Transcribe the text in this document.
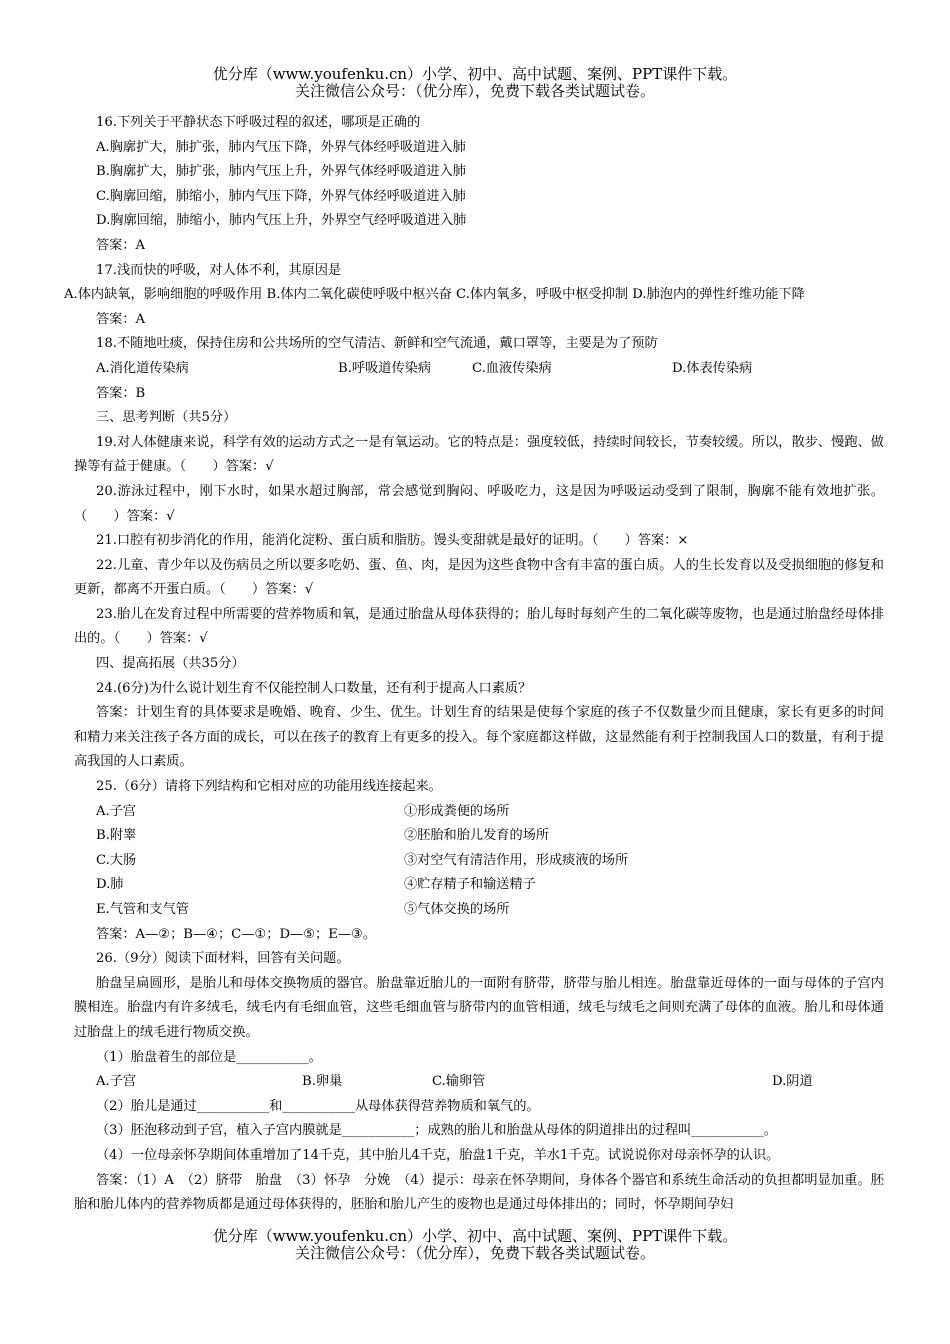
优分库（www.youfenku.cn）小学、初中、高中试题、案例、PPT课件下载。
关注微信公众号：（优分库），免费下载各类试题试卷。
16.下列关于平静状态下呼吸过程的叙述，哪项是正确的
A.胸廓扩大，肺扩张，肺内气压下降，外界气体经呼吸道进入肺
B.胸廓扩大，肺扩张，肺内气压上升，外界气体经呼吸道进入肺
C.胸廓回缩，肺缩小，肺内气压下降，外界气体经呼吸道进入肺
D.胸廓回缩，肺缩小，肺内气压上升，外界空气经呼吸道进入肺
答案：A
17.浅而快的呼吸，对人体不利，其原因是
A.体内缺氧，影响细胞的呼吸作用 B.体内二氧化碳使呼吸中枢兴奋 C.体内氧多，呼吸中枢受抑制 D.肺泡内的弹性纤维功能下降
答案：A
18.不随地吐痰，保持住房和公共场所的空气清洁、新鲜和空气流通，戴口罩等，主要是为了预防
A.消化道传染病	B.呼吸道传染病	C.血液传染病	D.体表传染病
答案：B
三、思考判断（共5分）
19.对人体健康来说，科学有效的运动方式之一是有氧运动。它的特点是：强度较低，持续时间较长，节奏较缓。所以，散步、慢跑、做操等有益于健康。（　　）答案：√
20.游泳过程中，刚下水时，如果水超过胸部，常会感觉到胸闷、呼吸吃力，这是因为呼吸运动受到了限制，胸廓不能有效地扩张。（　　）答案：√
21.口腔有初步消化的作用，能消化淀粉、蛋白质和脂肪。馒头变甜就是最好的证明。（　　）答案：×
22.儿童、青少年以及伤病员之所以要多吃奶、蛋、鱼、肉，是因为这些食物中含有丰富的蛋白质。人的生长发育以及受损细胞的修复和更新，都离不开蛋白质。（　　）答案：√
23.胎儿在发育过程中所需要的营养物质和氧，是通过胎盘从母体获得的；胎儿每时每刻产生的二氧化碳等废物，也是通过胎盘经母体排出的。（　　）答案：√
四、提高拓展（共35分）
24.(6分)为什么说计划生育不仅能控制人口数量，还有利于提高人口素质？
答案：计划生育的具体要求是晚婚、晚育、少生、优生。计划生育的结果是使每个家庭的孩子不仅数量少而且健康，家长有更多的时间和精力来关注孩子各方面的成长，可以在孩子的教育上有更多的投入。每个家庭都这样做，这显然能有利于控制我国人口的数量，有利于提高我国的人口素质。
25.（6分）请将下列结构和它相对应的功能用线连接起来。
A.子宫	①形成粪便的场所
B.附睾	②胚胎和胎儿发育的场所
C.大肠	③对空气有清洁作用，形成痰液的场所
D.肺	④贮存精子和输送精子
E.气管和支气管	⑤气体交换的场所
答案：A—②；B—④；C—①；D—⑤；E—③。
26.（9分）阅读下面材料，回答有关问题。
胎盘呈扁圆形，是胎儿和母体交换物质的器官。胎盘靠近胎儿的一面附有脐带，脐带与胎儿相连。胎盘靠近母体的一面与母体的子宫内膜相连。胎盘内有许多绒毛，绒毛内有毛细血管，这些毛细血管与脐带内的血管相通，绒毛与绒毛之间则充满了母体的血液。胎儿和母体通过胎盘上的绒毛进行物质交换。
（1）胎盘着生的部位是___________。
A.子宫	B.卵巢	C.输卵管	D.阴道
（2）胎儿是通过___________和___________从母体获得营养物质和氧气的。
（3）胚泡移动到子宫，植入子宫内膜就是___________；成熟的胎儿和胎盘从母体的阴道排出的过程叫___________。
（4）一位母亲怀孕期间体重增加了14千克，其中胎儿4千克，胎盘1千克，羊水1千克。试说说你对母亲怀孕的认识。
答案：（1）A　（2）脐带　胎盘　（3）怀孕　分娩　（4）提示：母亲在怀孕期间，身体各个器官和系统生命活动的负担都明显加重。胚胎和胎儿体内的营养物质都是通过母体获得的，胚胎和胎儿产生的废物也是通过母体排出的；同时，怀孕期间孕妇
优分库（www.youfenku.cn）小学、初中、高中试题、案例、PPT课件下载。
关注微信公众号：（优分库），免费下载各类试题试卷。
